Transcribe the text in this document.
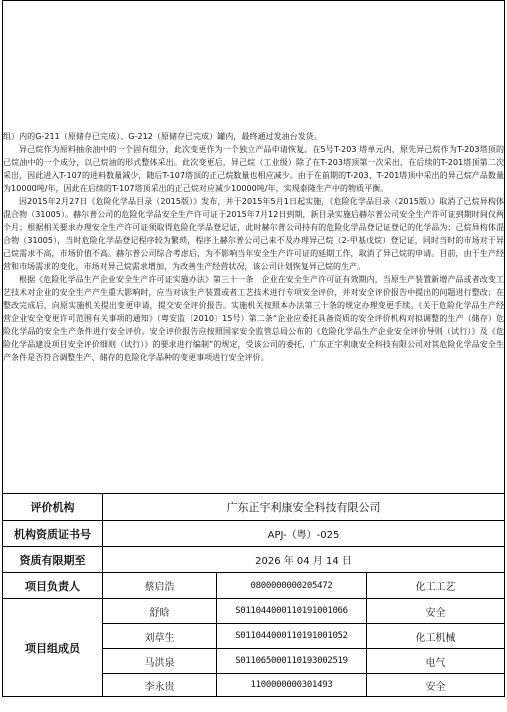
组）内的G-211（原储存已完成）、G-212（原储存已完成）罐内，最终通过发油台发货。

异己烷作为原料抽余油中的一个固有组分，此次变更作为一个独立产品申请恢复。在5号T-203 塔单元内，原先异己烷作为T-203塔顶的己烷油中的一个成分，以己烷油的形式整体采出。此次变更后，异己烷（工业级）除了在T-203塔顶第一次采出，在后续的T-201塔顶第二次采出，因此进入T-107的进料数量减少，随后T-107塔顶的正己烷数量也相应减少。由于在前期的T-203、T-201塔顶中采出的异己烷产品数量为10000吨/年，因此在后续的T-107塔顶采出的正己烷对应减少10000吨/年，实现泰隆生产中的物质平衡。

因2015年2月27日《危险化学品目录（2015版）》发布，并于2015年5月1日起实施，《危险化学品目录（2015版）》取消了己烷异构体混合物（31005）。赫尔普公司的危险化学品安全生产许可证于2015年7月12日到期，新目录实施后赫尔普公司安全生产许可证到期时间仅两个月；根据相关要求办理安全生产许可证须取得危险化学品登记证，此时赫尔普公司持有的危险化学品登记证登记的化学品为：己烷异构体混合物（31005），当时危险化学品登记程序较为繁琐，程序上赫尔普公司己来不及办理异己烷（2-甲基戊烷）登记证，同时当时的市场对于异己烷需求不高，市场价值不高。赫尔普公司综合考虑后，为不影响当年安全生产许可证的延期工作，取消了异己烷的申请。目前，由于生产经营和市场需求的变化，市场对异己烷需求增加，为改善生产经营状况，该公司计划恢复异己烷的生产。

根据《危险化学品生产企业安全生产许可证实施办法》第三十一条　企业在安全生产许可证有效期内，当原生产装置新增产品或者改变工艺技术对企业的安全生产产生重大影响时，应当对该生产装置或者工艺技术进行专项安全评价，并对安全评价报告中提出的问题进行整改；在整改完成后，向原实施机关提出变更申请，提交安全评价报告。实施机关按照本办法第三十条的规定办理变更手续。《关于危险化学品生产经营企业安全变更许可范围有关事项的通知》（粤安监〔2010〕15号）第二条“企业应委托具备资质的安全评价机构对拟调整的生产（储存）危险化学品的安全生产条件进行安全评价。安全评价报告应按照国家安全监管总局公布的《危险化学品生产企业安全评价导则（试行）》及《危险化学品建设项目安全评价细则（试行）》的要求进行编制”的规定，受该公司的委托，广东正宇利康安全科技有限公司对其危险化学品安全生产条件是否符合调整生产、储存的危险化学品种的变更事项进行安全评价。			

评价机构	广东正宇利康安全科技有限公司		
机构资质证书号	APJ-（粤）-025		
资质有限期至	2026 年 04 月 14 日		
项目负责人	蔡启浩	0800000000205472	化工工艺
项目组成员	舒晗	S011044000110191001066	安全
	刘草生	S011044000110191001052	化工机械
	马洪泉	S011065000110193002519	电气
	李永贵	1100000000301493	安全
